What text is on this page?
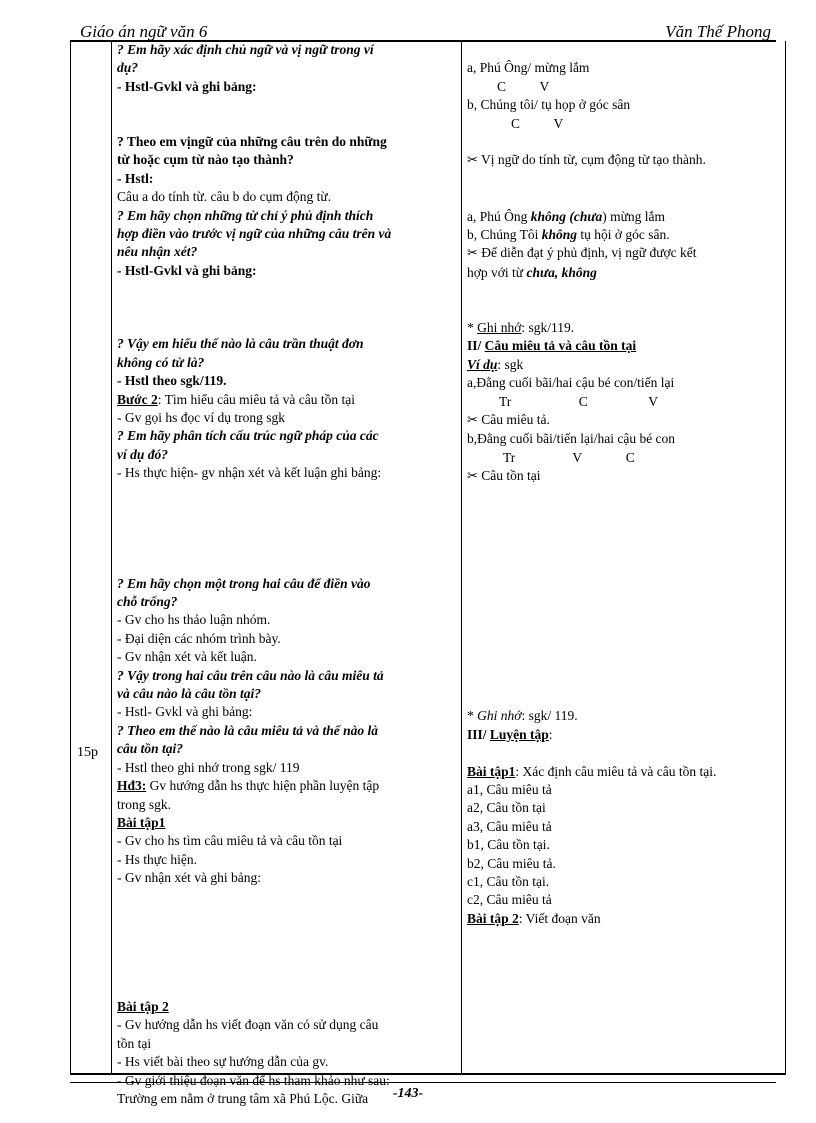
Giáo án ngữ văn 6	Văn Thế Phong
15p

? Em hãy xác định chủ ngữ và vị ngữ trong ví

dụ?

- Hstl-Gvkl và ghi bảng:

? Theo em vịngữ của những câu trên do những

từ hoặc cụm từ nào tạo thành?

- Hstl:

Câu a do tính từ. câu b do cụm động từ.

? Em hãy chọn những từ chỉ ý phủ định thích

hợp điền vào trước vị ngữ của những câu trên và

nêu nhận xét?

- Hstl-Gvkl và ghi bảng:

? Vậy em hiểu thế nào là câu trần thuật đơn

không có từ là?

- Hstl theo sgk/119.

Bước 2: Tìm hiểu câu miêu tả và câu tồn tại

- Gv gọi hs đọc ví dụ trong sgk

? Em hãy phân tích cấu trúc ngữ pháp của các

ví dụ đó?

- Hs thực hiện- gv nhận xét và kết luận ghi bảng:

? Em hãy chọn một trong hai câu để điền vào

chỗ trống?

- Gv cho hs thảo luận nhóm.

- Đại diện các nhóm trình bày.

- Gv nhận xét và kết luận.

? Vậy trong hai câu trên câu nào là câu miêu tả

và câu nào là câu tồn tại?

- Hstl- Gvkl và ghi bảng:

? Theo em thế nào là câu miêu tả và thế nào là

câu tồn tại?

- Hstl theo ghi nhớ trong sgk/ 119

Hđ3: Gv hướng dẫn hs thực hiện phần luyện tập

trong sgk.

Bài tập1

- Gv cho hs tìm câu miêu tả và câu tồn tại

- Hs thực hiện.

- Gv nhận xét và ghi bảng:

Bài tập 2

- Gv hướng dẫn hs viết đoạn văn có sử dụng câu

tồn tại

- Hs viết bài theo sự hướng dẫn của gv.

- Gv giới thiệu đoạn văn để hs tham khảo như sau:

Trường em nằm ở trung tâm xã Phú Lộc. Giữa

a, Phú Ông/ mừng lắm

C          V

b, Chúng tôi/ tụ họp ở góc sân

C          V

✂ Vị ngữ do tính từ, cụm động từ tạo thành.

a, Phú Ông không (chưa) mừng lắm

b, Chúng Tôi không tụ hội ở góc sân.

✂ Để diễn đạt ý phủ định, vị ngữ được kết

hợp với từ chưa, không

* Ghi nhớ: sgk/119.

II/ Câu miêu tả và câu tồn tại

Ví dụ: sgk

a,Đằng cuối bãi/hai cậu bé con/tiến lại

Tr                    C                  V

✂ Câu miêu tả.

b,Đằng cuối bãi/tiến lại/hai cậu bé con

Tr                 V             C

✂ Câu tồn tại

* Ghi nhớ: sgk/ 119.

III/ Luyện tập:

Bài tập1: Xác định câu miêu tả và câu tồn tại.

a1, Câu miêu tả

a2, Câu tồn tại

a3, Câu miêu tả

b1, Câu tồn tại.

b2, Câu miêu tả.

c1, Câu tồn tại.

c2, Câu miêu tả

Bài tập 2: Viết đoạn văn

-143-
